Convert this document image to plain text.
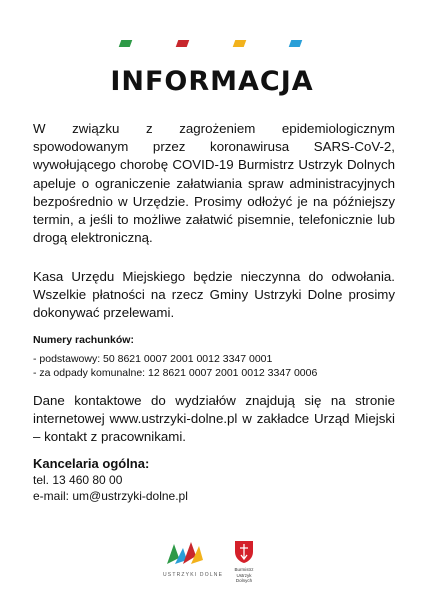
INFORMACJA

W związku z zagrożeniem epidemiologicznym spowodowanym przez koronawirusa SARS-CoV-2, wywołującego chorobę COVID-19 Burmistrz Ustrzyk Dolnych apeluje o ograniczenie załatwiania spraw administracyjnych bezpośrednio w Urzędzie. Prosimy odłożyć je na późniejszy termin, a jeśli to możliwe załatwić pisemnie, telefonicznie lub drogą elektroniczną.

Kasa Urzędu Miejskiego będzie nieczynna do odwołania. Wszelkie płatności na rzecz Gminy Ustrzyki Dolne prosimy dokonywać przelewami.

Numery rachunków:

- podstawowy: 50 8621 0007 2001 0012 3347 0001

- za odpady komunalne: 12 8621 0007 2001 0012 3347 0006

Dane kontaktowe do wydziałów znajdują się na stronie internetowej www.ustrzyki-dolne.pl w zakładce Urząd Miejski – kontakt z pracownikami.

Kancelaria ogólna:

tel. 13 460 80 00

e-mail: um@ustrzyki-dolne.pl

USTRZYKI DOLNE
Burmistrz
Ustrzyk Dolnych
